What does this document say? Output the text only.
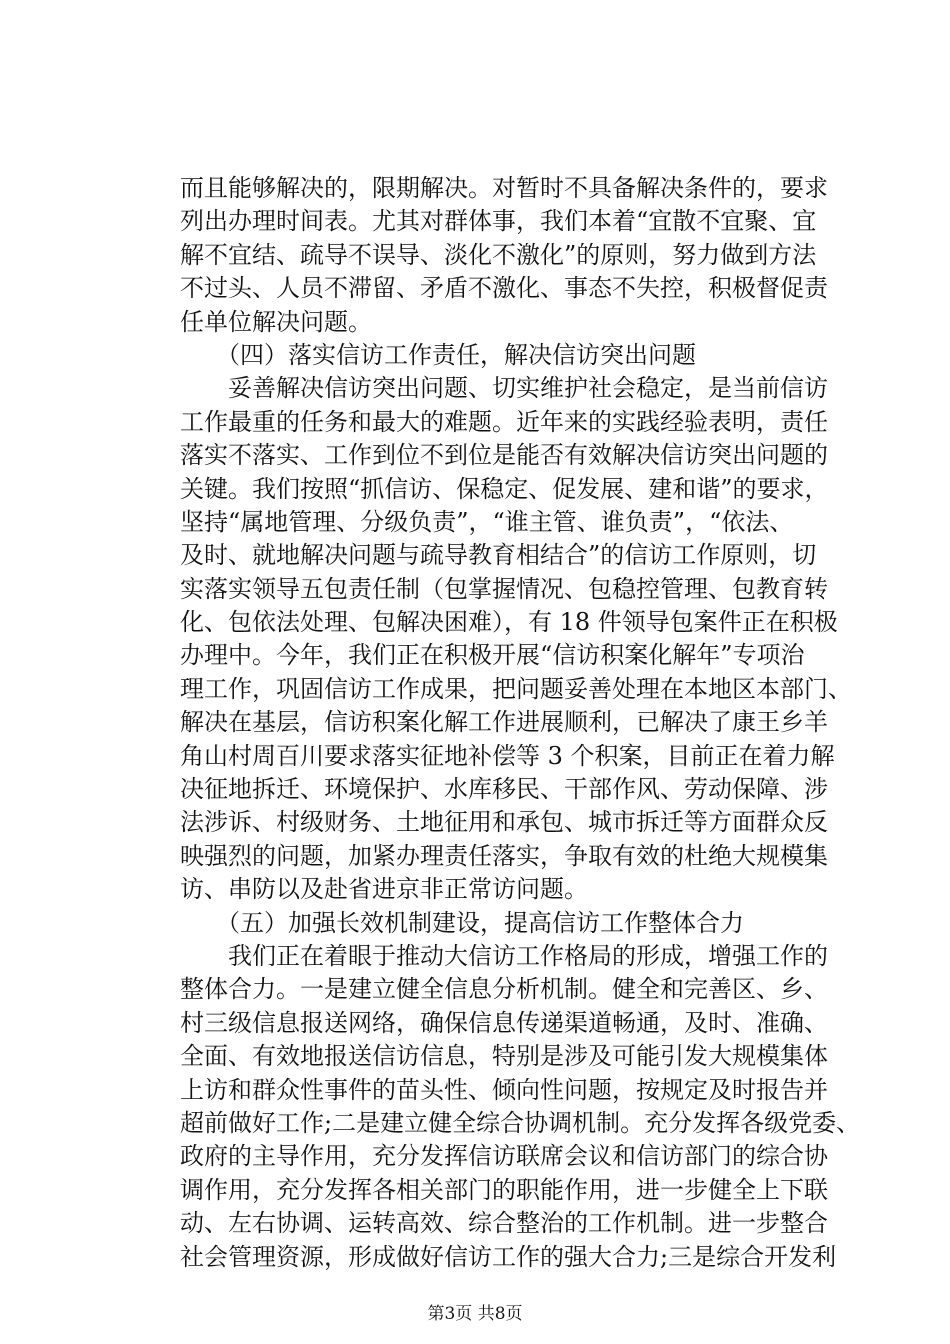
而且能够解决的，限期解决。对暂时不具备解决条件的，要求
列出办理时间表。尤其对群体事，我们本着“宜散不宜聚、宜
解不宜结、疏导不误导、淡化不激化”的原则，努力做到方法
不过头、人员不滞留、矛盾不激化、事态不失控，积极督促责
任单位解决问题。
　　（四）落实信访工作责任，解决信访突出问题
　　妥善解决信访突出问题、切实维护社会稳定，是当前信访
工作最重的任务和最大的难题。近年来的实践经验表明，责任
落实不落实、工作到位不到位是能否有效解决信访突出问题的
关键。我们按照“抓信访、保稳定、促发展、建和谐”的要求，
坚持“属地管理、分级负责”，“谁主管、谁负责”，“依法、
及时、就地解决问题与疏导教育相结合”的信访工作原则，切
实落实领导五包责任制（包掌握情况、包稳控管理、包教育转
化、包依法处理、包解决困难），有 18 件领导包案件正在积极
办理中。今年，我们正在积极开展“信访积案化解年”专项治
理工作，巩固信访工作成果，把问题妥善处理在本地区本部门、
解决在基层，信访积案化解工作进展顺利，已解决了康王乡羊
角山村周百川要求落实征地补偿等 3 个积案，目前正在着力解
决征地拆迁、环境保护、水库移民、干部作风、劳动保障、涉
法涉诉、村级财务、土地征用和承包、城市拆迁等方面群众反
映强烈的问题，加紧办理责任落实，争取有效的杜绝大规模集
访、串防以及赴省进京非正常访问题。
　　（五）加强长效机制建设，提高信访工作整体合力
　　我们正在着眼于推动大信访工作格局的形成，增强工作的
整体合力。一是建立健全信息分析机制。健全和完善区、乡、
村三级信息报送网络，确保信息传递渠道畅通，及时、准确、
全面、有效地报送信访信息，特别是涉及可能引发大规模集体
上访和群众性事件的苗头性、倾向性问题，按规定及时报告并
超前做好工作;二是建立健全综合协调机制。充分发挥各级党委、
政府的主导作用，充分发挥信访联席会议和信访部门的综合协
调作用，充分发挥各相关部门的职能作用，进一步健全上下联
动、左右协调、运转高效、综合整治的工作机制。进一步整合
社会管理资源，形成做好信访工作的强大合力;三是综合开发利
第3页 共8页
